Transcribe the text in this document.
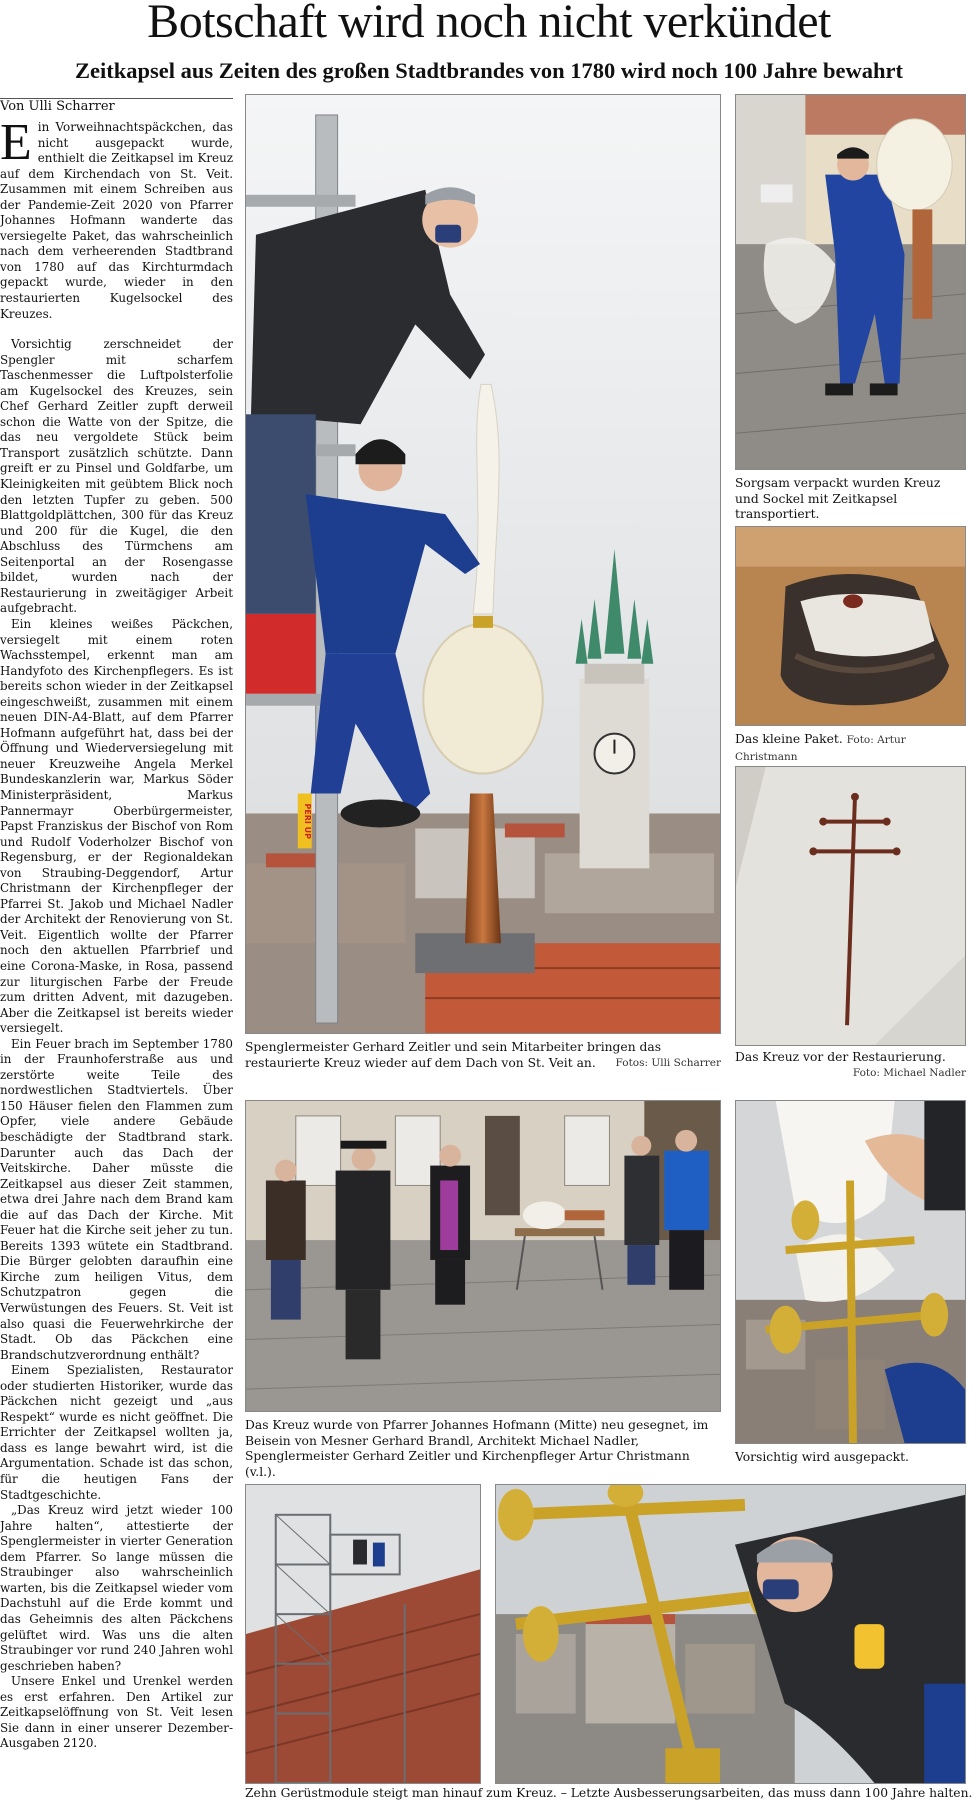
Botschaft wird noch nicht verkündet
Zeitkapsel aus Zeiten des großen Stadtbrandes von 1780 wird noch 100 Jahre bewahrt
Von Ulli Scharrer

Ein Vorweihnachtspäckchen, das nicht ausgepackt wurde, enthielt die Zeitkapsel im Kreuz auf dem Kirchendach von St. Veit. Zusammen mit einem Schreiben aus der Pandemie-Zeit 2020 von Pfarrer Johannes Hofmann wanderte das versiegelte Paket, das wahrscheinlich nach dem verheerenden Stadtbrand von 1780 auf das Kirchturmdach gepackt wurde, wieder in den restaurierten Kugelsockel des Kreuzes.

Vorsichtig zerschneidet der Spengler mit scharfem Taschenmesser die Luftpolsterfolie am Kugelsockel des Kreuzes, sein Chef Gerhard Zeitler zupft derweil schon die Watte von der Spitze, die das neu vergoldete Stück beim Transport zusätzlich schützte. Dann greift er zu Pinsel und Goldfarbe, um Kleinigkeiten mit geübtem Blick noch den letzten Tupfer zu geben. 500 Blattgoldplättchen, 300 für das Kreuz und 200 für die Kugel, die den Abschluss des Türmchens am Seitenportal an der Rosengasse bildet, wurden nach der Restaurierung in zweitägiger Arbeit aufgebracht.

Ein kleines weißes Päckchen, versiegelt mit einem roten Wachsstempel, erkennt man am Handyfoto des Kirchenpflegers. Es ist bereits schon wieder in der Zeitkapsel eingeschweißt, zusammen mit einem neuen DIN-A4-Blatt, auf dem Pfarrer Hofmann aufgeführt hat, dass bei der Öffnung und Wiederversiegelung mit neuer Kreuzweihe Angela Merkel Bundeskanzlerin war, Markus Söder Ministerpräsident, Markus Pannermayr Oberbürgermeister, Papst Franziskus der Bischof von Rom und Rudolf Voderholzer Bischof von Regensburg, er der Regionaldekan von Straubing-Deggendorf, Artur Christmann der Kirchenpfleger der Pfarrei St. Jakob und Michael Nadler der Architekt der Renovierung von St. Veit. Eigentlich wollte der Pfarrer noch den aktuellen Pfarrbrief und eine Corona-Maske, in Rosa, passend zur liturgischen Farbe der Freude zum dritten Advent, mit dazugeben. Aber die Zeitkapsel ist bereits wieder versiegelt.

Ein Feuer brach im September 1780 in der Fraunhoferstraße aus und zerstörte weite Teile des nordwestlichen Stadtviertels. Über 150 Häuser fielen den Flammen zum Opfer, viele andere Gebäude beschädigte der Stadtbrand stark. Darunter auch das Dach der Veitskirche. Daher müsste die Zeitkapsel aus dieser Zeit stammen, etwa drei Jahre nach dem Brand kam die auf das Dach der Kirche. Mit Feuer hat die Kirche seit jeher zu tun. Bereits 1393 wütete ein Stadtbrand. Die Bürger gelobten daraufhin eine Kirche zum heiligen Vitus, dem Schutzpatron gegen die Verwüstungen des Feuers. St. Veit ist also quasi die Feuerwehrkirche der Stadt. Ob das Päckchen eine Brandschutzverordnung enthält?

Einem Spezialisten, Restaurator oder studierten Historiker, wurde das Päckchen nicht gezeigt und „aus Respekt“ wurde es nicht geöffnet. Die Errichter der Zeitkapsel wollten ja, dass es lange bewahrt wird, ist die Argumentation. Schade ist das schon, für die heutigen Fans der Stadtgeschichte.

„Das Kreuz wird jetzt wieder 100 Jahre halten“, attestierte der Spenglermeister in vierter Generation dem Pfarrer. So lange müssen die Straubinger also wahrscheinlich warten, bis die Zeitkapsel wieder vom Dachstuhl auf die Erde kommt und das Geheimnis des alten Päckchens gelüftet wird. Was uns die alten Straubinger vor rund 240 Jahren wohl geschrieben haben?

Unsere Enkel und Urenkel werden es erst erfahren. Den Artikel zur Zeitkapselöffnung von St. Veit lesen Sie dann in einer unserer Dezember-Ausgaben 2120.

PERI UP
Spenglermeister Gerhard Zeitler und sein Mitarbeiter bringen das restaurierte Kreuz wieder auf dem Dach von St. Veit an. Fotos: Ulli Scharrer
Sorgsam verpackt wurden Kreuz und Sockel mit Zeitkapsel transportiert.
Das kleine Paket. Foto: Artur Christmann
Das Kreuz vor der Restaurierung.
Foto: Michael Nadler
Das Kreuz wurde von Pfarrer Johannes Hofmann (Mitte) neu gesegnet, im Beisein von Mesner Gerhard Brandl, Architekt Michael Nadler, Spenglermeister Gerhard Zeitler und Kirchenpfleger Artur Christmann (v.l.).
Vorsichtig wird ausgepackt.
Zehn Gerüstmodule steigt man hinauf zum Kreuz. – Letzte Ausbesserungsarbeiten, das muss dann 100 Jahre halten.
